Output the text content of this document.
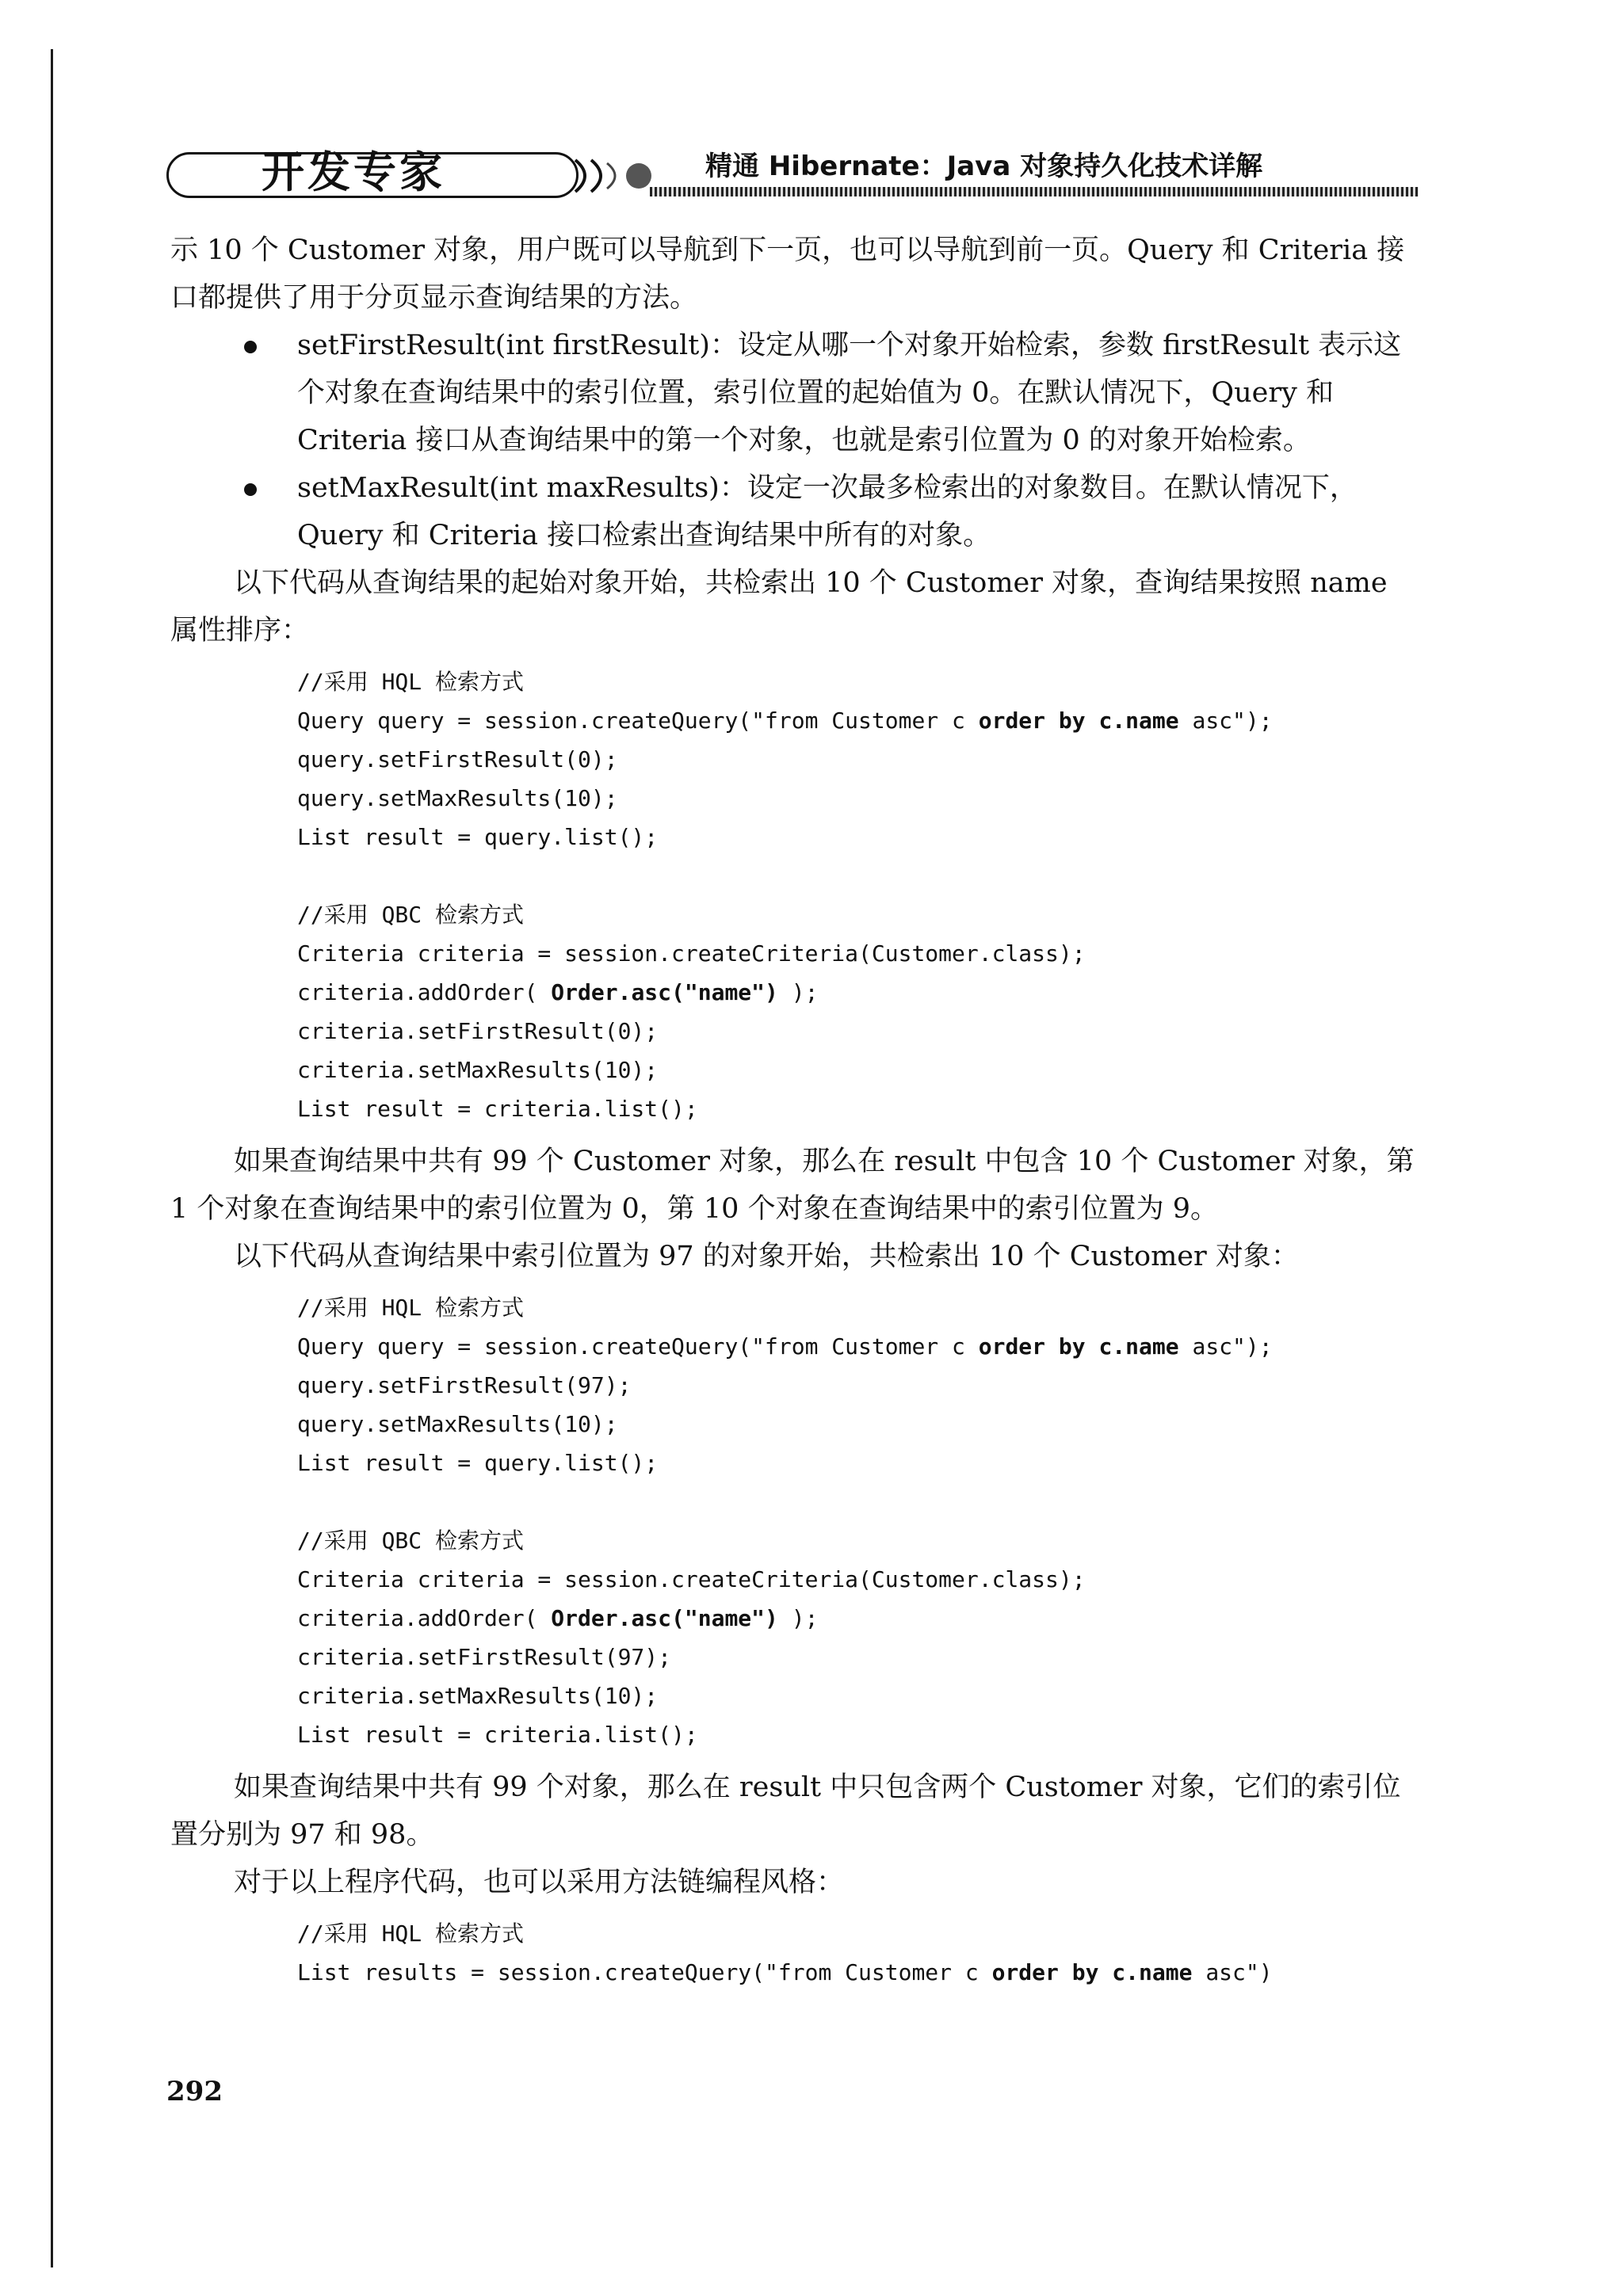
开发专家	精通 Hibernate：Java 对象持久化技术详解

示 10 个 Customer 对象，用户既可以导航到下一页，也可以导航到前一页。Query 和 Criteria 接口都提供了用于分页显示查询结果的方法。

setFirstResult(int firstResult)：设定从哪一个对象开始检索，参数 firstResult 表示这个对象在查询结果中的索引位置，索引位置的起始值为 0。在默认情况下，Query 和 Criteria 接口从查询结果中的第一个对象，也就是索引位置为 0 的对象开始检索。
setMaxResult(int maxResults)：设定一次最多检索出的对象数目。在默认情况下，Query 和 Criteria 接口检索出查询结果中所有的对象。

以下代码从查询结果的起始对象开始，共检索出 10 个 Customer 对象，查询结果按照 name 属性排序：

//采用 HQL 检索方式
Query query = session.createQuery("from Customer c order by c.name asc");
query.setFirstResult(0);
query.setMaxResults(10);
List result = query.list();
//采用 QBC 检索方式
Criteria criteria = session.createCriteria(Customer.class);
criteria.addOrder( Order.asc("name") );
criteria.setFirstResult(0);
criteria.setMaxResults(10);
List result = criteria.list();

如果查询结果中共有 99 个 Customer 对象，那么在 result 中包含 10 个 Customer 对象，第 1 个对象在查询结果中的索引位置为 0，第 10 个对象在查询结果中的索引位置为 9。

以下代码从查询结果中索引位置为 97 的对象开始，共检索出 10 个 Customer 对象：

//采用 HQL 检索方式
Query query = session.createQuery("from Customer c order by c.name asc");
query.setFirstResult(97);
query.setMaxResults(10);
List result = query.list();
//采用 QBC 检索方式
Criteria criteria = session.createCriteria(Customer.class);
criteria.addOrder( Order.asc("name") );
criteria.setFirstResult(97);
criteria.setMaxResults(10);
List result = criteria.list();

如果查询结果中共有 99 个对象，那么在 result 中只包含两个 Customer 对象，它们的索引位置分别为 97 和 98。

对于以上程序代码，也可以采用方法链编程风格：

//采用 HQL 检索方式
List results = session.createQuery("from Customer c order by c.name asc")
292
